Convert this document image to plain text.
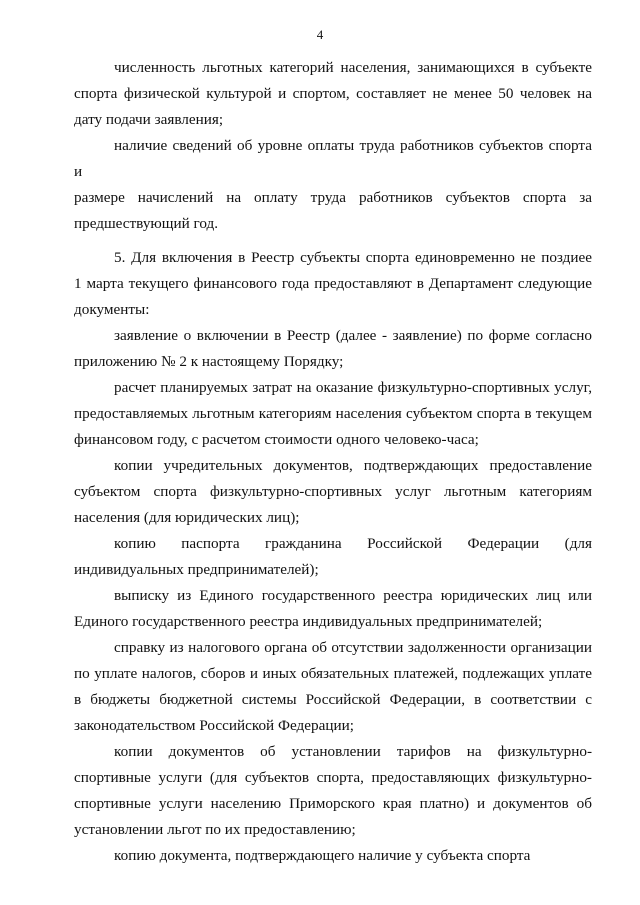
4
численность льготных категорий населения, занимающихся в субъекте
спорта физической культурой и спортом, составляет не менее 50 человек на
дату подачи заявления;
наличие сведений об уровне оплаты труда работников субъектов спорта и
размере начислений на оплату труда работников субъектов спорта за
предшествующий год.
5. Для включения в Реестр субъекты спорта единовременно не поздиее
1 марта текущего финансового года предоставляют в Департамент следующие
документы:
заявление о включении в Реестр (далее - заявление) по форме согласно
приложению № 2 к настоящему Порядку;
расчет планируемых затрат на оказание физкультурно-спортивных услуг,
предоставляемых льготным категориям населения субъектом спорта в текущем
финансовом году, с расчетом стоимости одного человеко-часа;
копии учредительных документов, подтверждающих предоставление
субъектом спорта физкультурно-спортивных услуг льготным категориям
населения (для юридических лиц);
копию паспорта гражданина Российской Федерации (для
индивидуальных предпринимателей);
выписку из Единого государственного реестра юридических лиц или
Единого государственного реестра индивидуальных предпринимателей;
справку из налогового органа об отсутствии задолженности организации
по уплате налогов, сборов и иных обязательных платежей, подлежащих уплате
в бюджеты бюджетной системы Российской Федерации, в соответствии с
законодательством Российской Федерации;
копии документов об установлении тарифов на физкультурно-
спортивные услуги (для субъектов спорта, предоставляющих физкультурно-
спортивные услуги населению Приморского края платно) и документов об
установлении льгот по их предоставлению;
копию документа, подтверждающего наличие у субъекта спорта
